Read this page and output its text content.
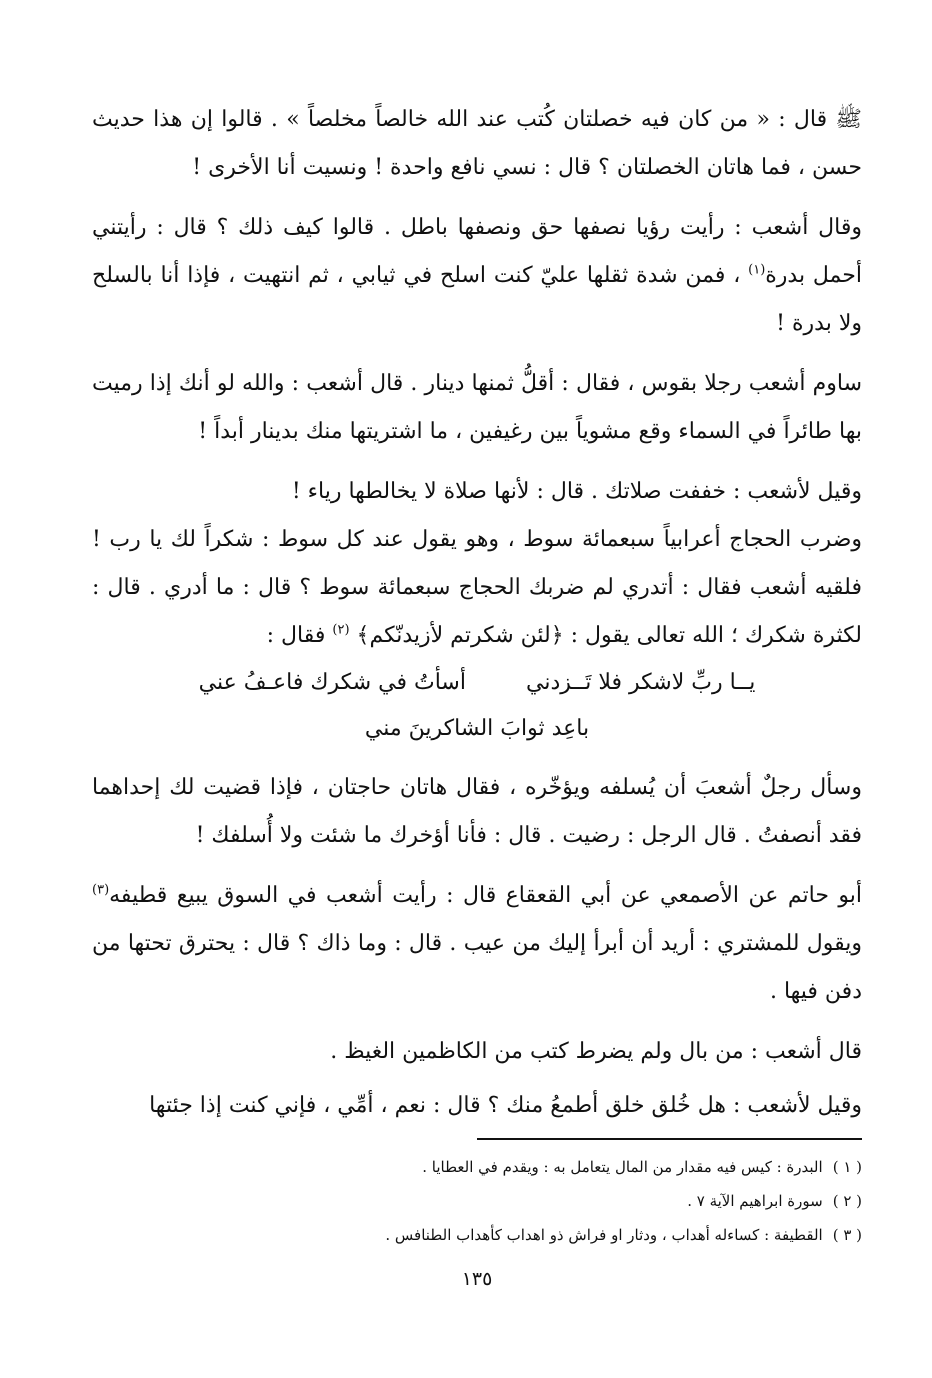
ﷺ قال : « من كان فيه خصلتان كُتب عند الله خالصاً مخلصاً » . قالوا إن هذا حديث حسن ، فما هاتان الخصلتان ؟ قال : نسي نافع واحدة ! ونسيت أنا الأخرى !

وقال أشعب : رأيت رؤيا نصفها حق ونصفها باطل . قالوا كيف ذلك ؟ قال : رأيتني أحمل بدرة$^{(١)}$ ، فمن شدة ثقلها عليّ كنت اسلح في ثيابي ، ثم انتهيت ، فإذا أنا بالسلح ولا بدرة !

ساوم أشعب رجلا بقوس ، فقال : أقلُّ ثمنها دينار . قال أشعب : والله لو أنك إذا رميت بها طائراً في السماء وقع مشوياً بين رغيفين ، ما اشتريتها منك بدينار أبداً !

وقيل لأشعب : خففت صلاتك . قال : لأنها صلاة لا يخالطها رياء !

وضرب الحجاج أعرابياً سبعمائة سوط ، وهو يقول عند كل سوط : شكراً لك يا رب ! فلقيه أشعب فقال : أتدري لم ضربك الحجاج سبعمائة سوط ؟ قال : ما أدري . قال : لكثرة شكرك ؛ الله تعالى يقول : ﴿لئن شكرتم لأزيدنّكم﴾ $^{(٢)}$ فقال :

يــا ربِّ لاشكر فلا تَــزدني

أسأتُ في شكرك فاعـفُ عني

باعِد ثوابَ الشاكرينَ مني

وسأل رجلٌ أشعبَ أن يُسلفه ويؤخّره ، فقال هاتان حاجتان ، فإذا قضيت لك إحداهما فقد أنصفتُ . قال الرجل : رضيت . قال : فأنا أؤخرك ما شئت ولا أُسلفك !

أبو حاتم عن الأصمعي عن أبي القعقاع قال : رأيت أشعب في السوق يبيع قطيفه$^{(٣)}$ ويقول للمشتري : أريد أن أبرأ إليك من عيب . قال : وما ذاك ؟ قال : يحترق تحتها من دفن فيها .

قال أشعب : من بال ولم يضرط كتب من الكاظمين الغيظ .

وقيل لأشعب : هل خُلق خلق أطمعُ منك ؟ قال : نعم ، أمِّي ، فإني كنت إذا جئتها

( ١ )البدرة : كيس فيه مقدار من المال يتعامل به : ويقدم في العطايا .

( ٢ )سورة ابراهيم الآية ٧ .

( ٣ )القطيفة : كساءله أهداب ، ودثار او فراش ذو اهداب كأهداب الطنافس .

١٣٥
